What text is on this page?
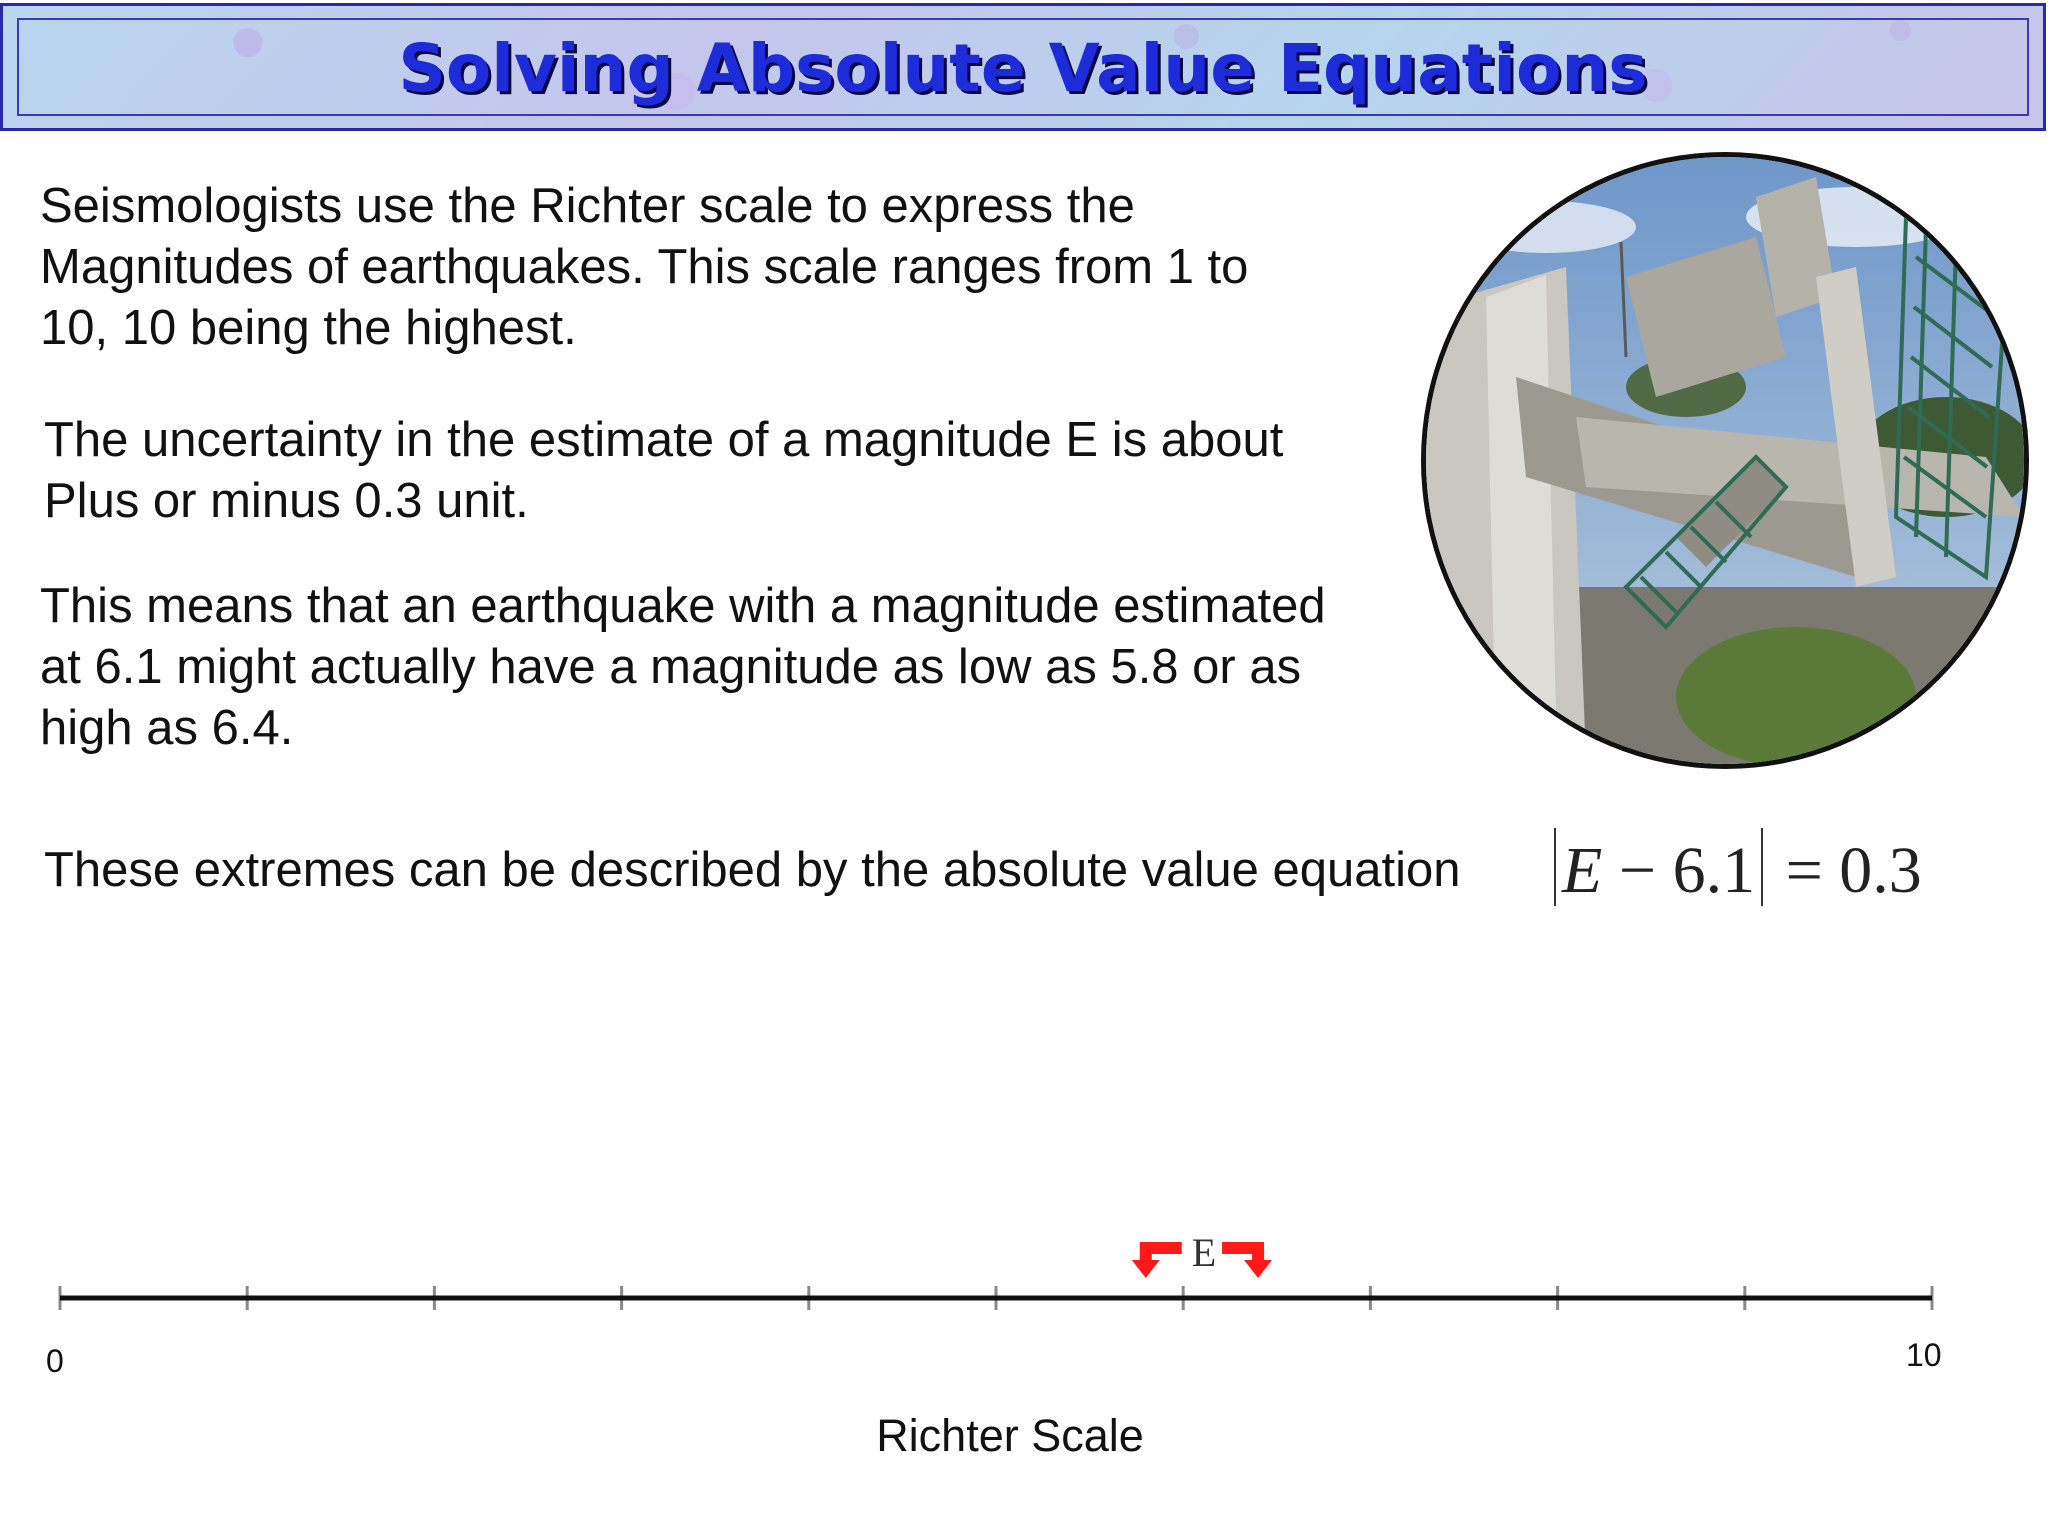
Solving Absolute Value Equations

Seismologists use the Richter scale to express the
Magnitudes of earthquakes. This scale ranges from 1 to
10, 10 being the highest.

The uncertainty in the estimate of a magnitude E is about
Plus or minus 0.3 unit.

This means that an earthquake with a magnitude estimated
at 6.1 might actually have a magnitude as low as 5.8 or as
high as 6.4.

These extremes can be described by the absolute value equation E − 6.1 = 0.3
E
0	10
Richter Scale
